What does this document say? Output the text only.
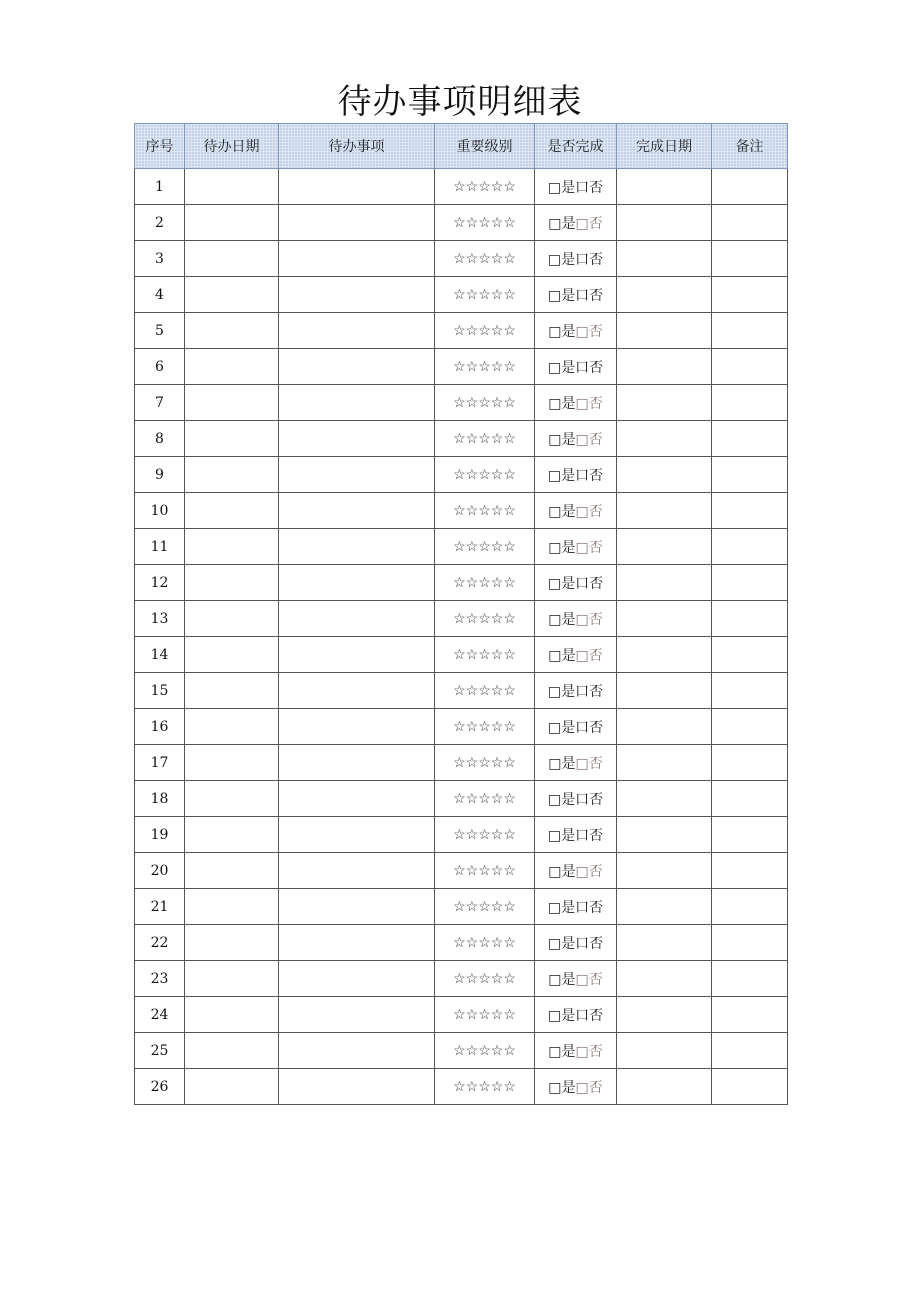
待办事项明细表
序号	待办日期	待办事项	重要级别	是否完成	完成日期	备注
1			☆☆☆☆☆	□是口否		
2			☆☆☆☆☆	□是□否		
3			☆☆☆☆☆	□是口否		
4			☆☆☆☆☆	□是口否		
5			☆☆☆☆☆	□是□否		
6			☆☆☆☆☆	□是口否		
7			☆☆☆☆☆	□是□否		
8			☆☆☆☆☆	□是□否		
9			☆☆☆☆☆	□是口否		
10			☆☆☆☆☆	□是□否		
11			☆☆☆☆☆	□是□否		
12			☆☆☆☆☆	□是口否		
13			☆☆☆☆☆	□是□否		
14			☆☆☆☆☆	□是□否		
15			☆☆☆☆☆	□是口否		
16			☆☆☆☆☆	□是口否		
17			☆☆☆☆☆	□是□否		
18			☆☆☆☆☆	□是口否		
19			☆☆☆☆☆	□是口否		
20			☆☆☆☆☆	□是□否		
21			☆☆☆☆☆	□是口否		
22			☆☆☆☆☆	□是口否		
23			☆☆☆☆☆	□是□否		
24			☆☆☆☆☆	□是口否		
25			☆☆☆☆☆	□是□否		
26			☆☆☆☆☆	□是□否		
